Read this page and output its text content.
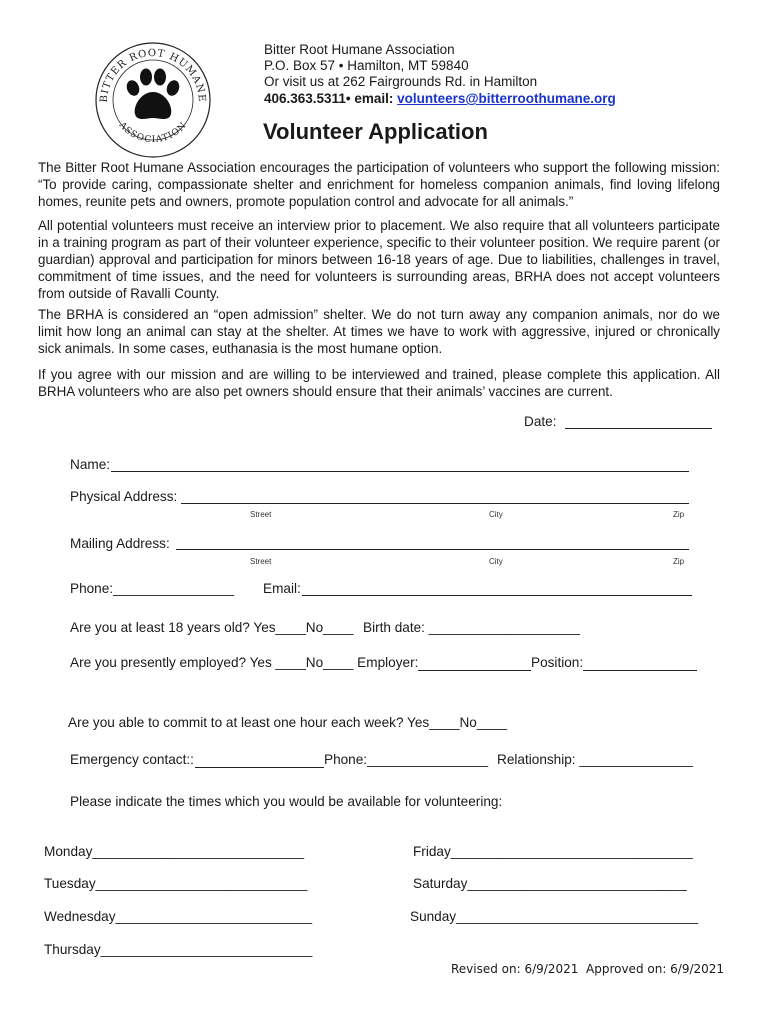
BITTER ROOT HUMANE
ASSOCIATION
Bitter Root Humane Association
P.O. Box 57 • Hamilton, MT 59840
Or visit us at 262 Fairgrounds Rd. in Hamilton
406.363.5311• email: volunteers@bitterroothumane.org
Volunteer Application
The Bitter Root Humane Association encourages the participation of volunteers who support the following mission: “To provide caring, compassionate shelter and enrichment for homeless companion animals, find loving lifelong homes, reunite pets and owners, promote population control and advocate for all animals.”
All potential volunteers must receive an interview prior to placement. We also require that all volunteers participate in a training program as part of their volunteer experience, specific to their volunteer position. We require parent (or guardian) approval and participation for minors between 16-18 years of age. Due to liabilities, challenges in travel, commitment of time issues, and the need for volunteers is surrounding areas, BRHA does not accept volunteers from outside of Ravalli County.
The BRHA is considered an “open admission” shelter. We do not turn away any companion animals, nor do we limit how long an animal can stay at the shelter. At times we have to work with aggressive, injured or chronically sick animals. In some cases, euthanasia is the most humane option.
If you agree with our mission and are willing to be interviewed and trained, please complete this application. All BRHA volunteers who are also pet owners should ensure that their animals’ vaccines are current.
Date:
Name:
Physical Address:
Street	City	Zip
Mailing Address:
Street	City	Zip
Phone:________________ Email:
Are you at least 18 years old? Yes____No____ Birth date: ____________________
Are you presently employed? Yes ____No____ Employer:	Position:
Are you able to commit to at least one hour each week? Yes____No____
Emergency contact::	Phone:________________ Relationship: _______________
Please indicate the times which you would be available for volunteering:
Monday____________________________	Friday________________________________
Tuesday____________________________	Saturday_____________________________
Wednesday__________________________	Sunday________________________________
Thursday____________________________
Revised on: 6/9/2021 Approved on: 6/9/2021
